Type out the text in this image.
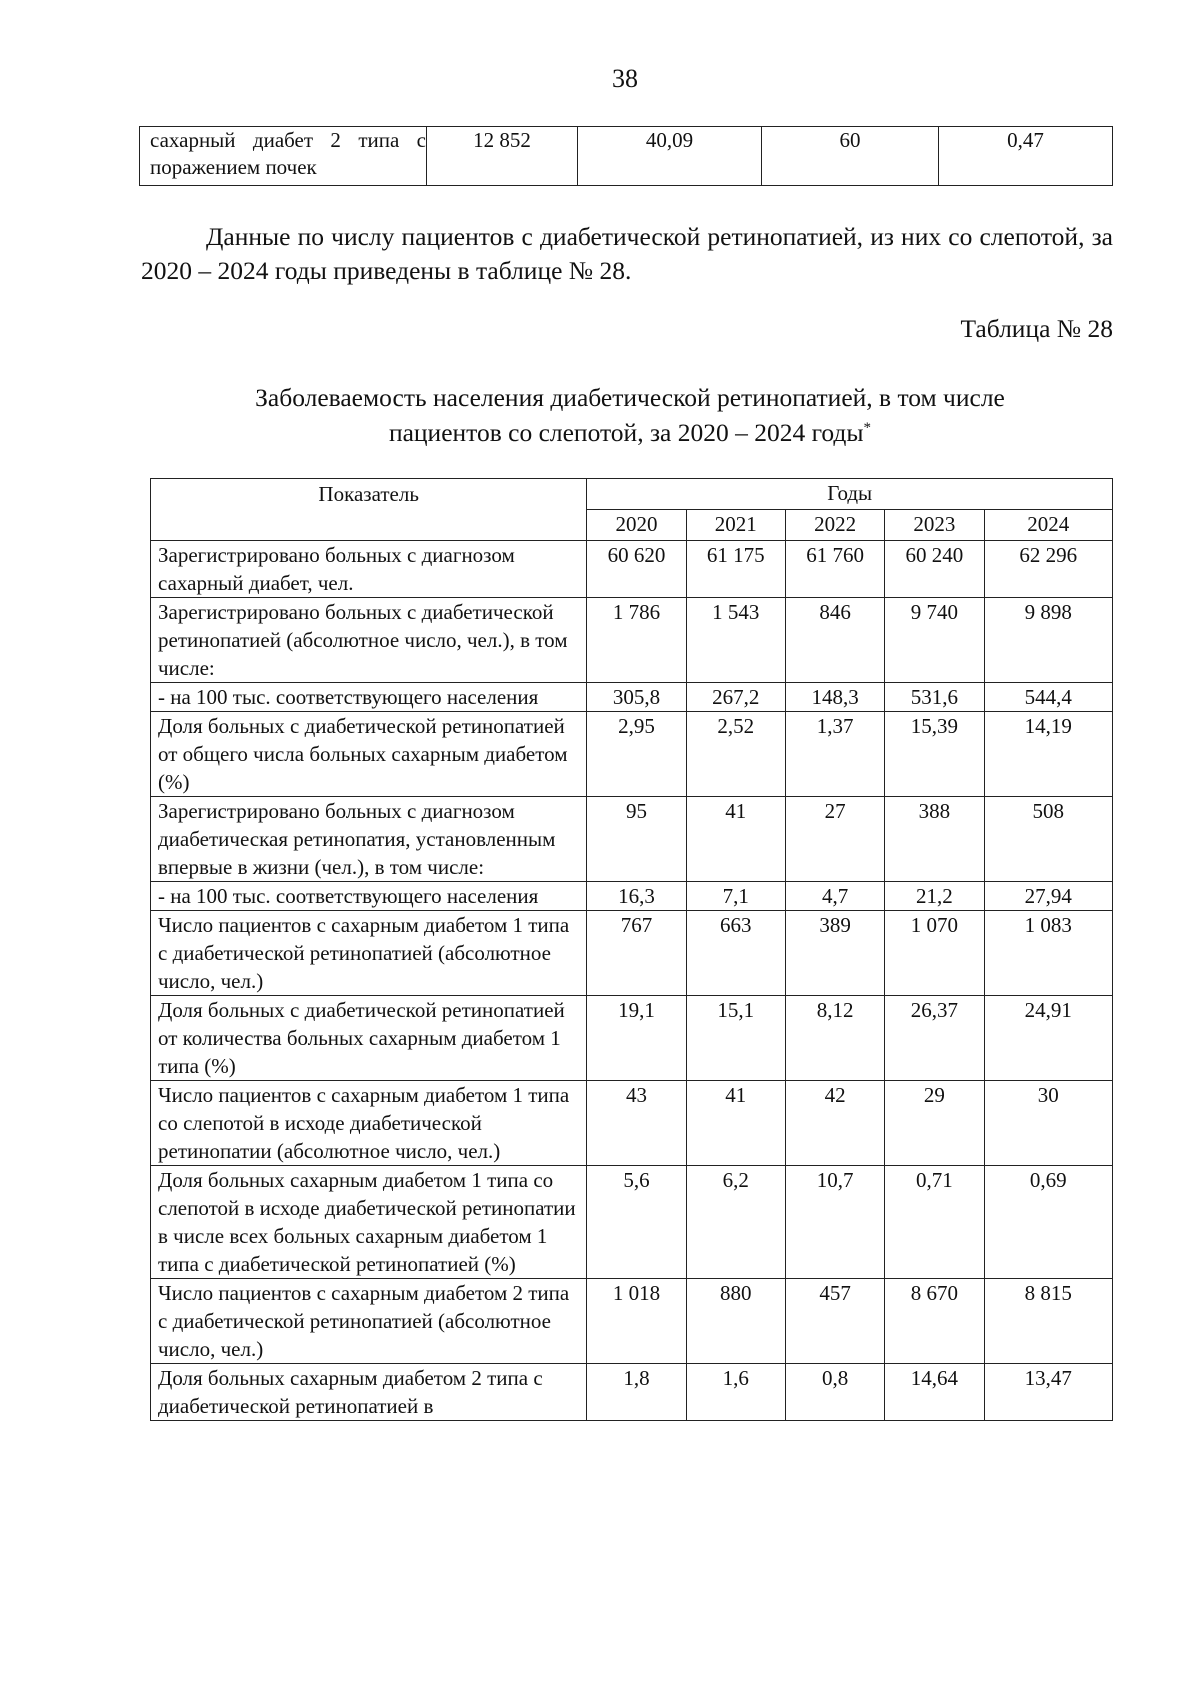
38
сахарный диабет 2 типа с поражением почек	12 852	40,09	60	0,47
Данные по числу пациентов с диабетической ретинопатией, из них со слепотой, за 2020 – 2024 годы приведены в таблице № 28.
Таблица № 28
Заболеваемость населения диабетической ретинопатией, в том числе
пациентов со слепотой, за 2020 – 2024 годы*
Показатель	Годы				
	2020	2021	2022	2023	2024
Зарегистрировано больных с диагнозом сахарный диабет, чел.	60 620	61 175	61 760	60 240	62 296
Зарегистрировано больных с диабетической ретинопатией (абсолютное число, чел.), в том числе:	1 786	1 543	846	9 740	9 898
- на 100 тыс. соответствующего населения	305,8	267,2	148,3	531,6	544,4
Доля больных с диабетической ретинопатией от общего числа больных сахарным диабетом (%)	2,95	2,52	1,37	15,39	14,19
Зарегистрировано больных с диагнозом диабетическая ретинопатия, установленным впервые в жизни (чел.), в том числе:	95	41	27	388	508
- на 100 тыс. соответствующего населения	16,3	7,1	4,7	21,2	27,94
Число пациентов с сахарным диабетом 1 типа с диабетической ретинопатией (абсолютное число, чел.)	767	663	389	1 070	1 083
Доля больных с диабетической ретинопатией от количества больных сахарным диабетом 1 типа (%)	19,1	15,1	8,12	26,37	24,91
Число пациентов с сахарным диабетом 1 типа со слепотой в исходе диабетической ретинопатии (абсолютное число, чел.)	43	41	42	29	30
Доля больных сахарным диабетом 1 типа со слепотой в исходе диабетической ретинопатии в числе всех больных сахарным диабетом 1 типа с диабетической ретинопатией (%)	5,6	6,2	10,7	0,71	0,69
Число пациентов с сахарным диабетом 2 типа с диабетической ретинопатией (абсолютное число, чел.)	1 018	880	457	8 670	8 815
Доля больных сахарным диабетом 2 типа с диабетической ретинопатией в	1,8	1,6	0,8	14,64	13,47
